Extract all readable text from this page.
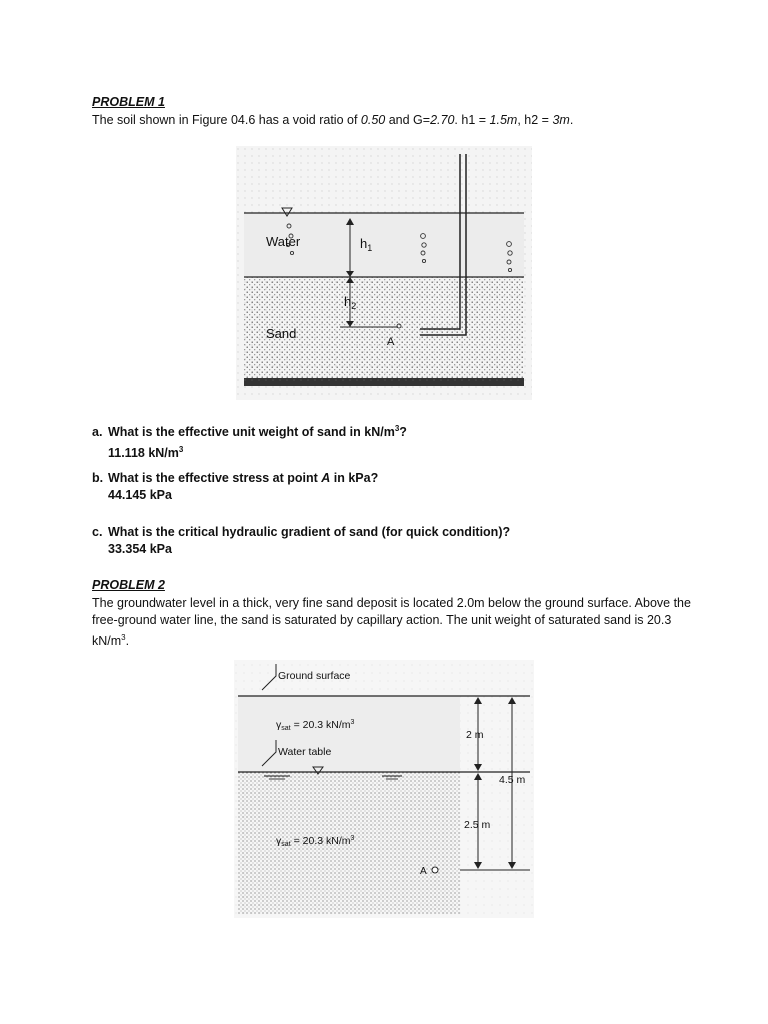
PROBLEM 1
The soil shown in Figure 04.6 has a void ratio of 0.50 and G=2.70. h1 = 1.5m, h2 = 3m.
Water
Sand
$h_1$
$h_2$
A
a. What is the effective unit weight of sand in $kN/m^3$?
11.118 $kN/m^3$
b. What is the effective stress at point A in kPa?
44.145 kPa
c. What is the critical hydraulic gradient of sand (for quick condition)?
33.354 kPa
PROBLEM 2
The groundwater level in a thick, very fine sand deposit is located 2.0m below the ground surface. Above the free-ground water line, the sand is saturated by capillary action. The unit weight of saturated sand is 20.3 $kN/m^3$.
Ground surface
Water table
γsat = 20.3 $kN/m^3$
γsat = 20.3 $kN/m^3$
2 m
2.5 m
4.5 m
A
